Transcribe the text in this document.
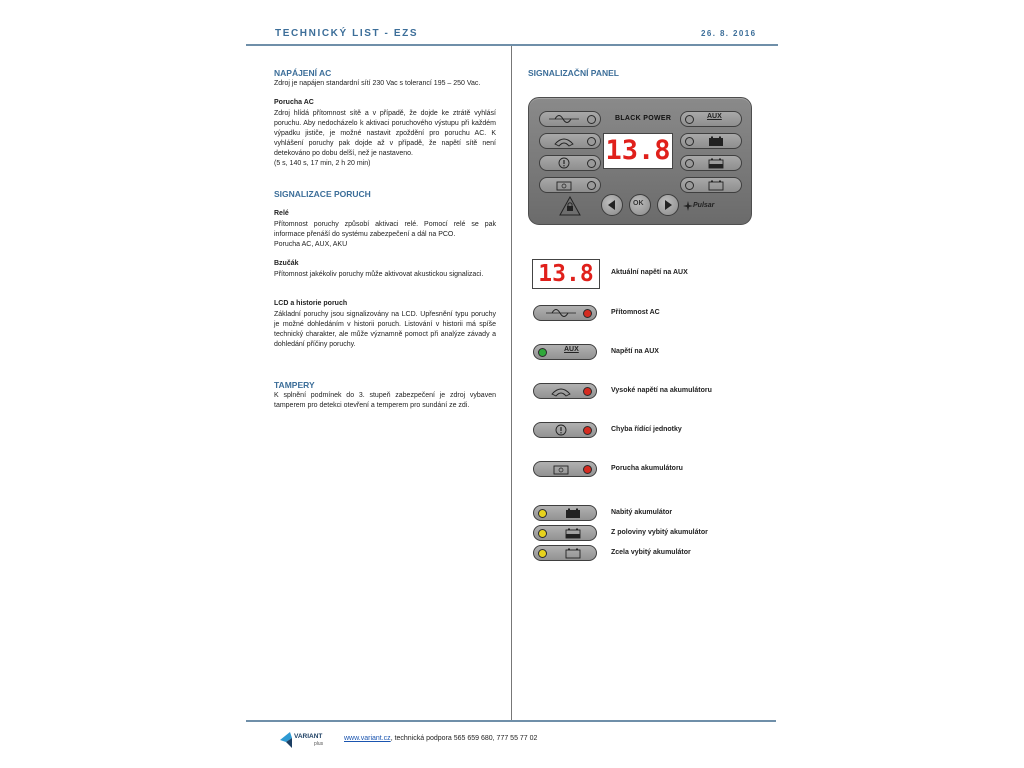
TECHNICKÝ LIST - EZS	26. 8. 2016
NAPÁJENÍ AC
Zdroj je napájen standardní sítí 230 Vac s tolerancí 195 – 250 Vac.
Porucha AC
Zdroj hlídá přítomnost sítě a v případě, že dojde ke ztrátě vyhlásí poruchu. Aby nedocházelo k aktivaci poruchového výstupu při každém výpadku jističe, je možné nastavit zpoždění pro poruchu AC. K vyhlášení poruchy pak dojde až v případě, že napětí sítě není detekováno po dobu delší, než je nastaveno.
(5 s, 140 s, 17 min, 2 h 20 min)
SIGNALIZACE PORUCH
Relé
Přítomnost poruchy způsobí aktivaci relé. Pomocí relé se pak informace přenáší do systému zabezpečení a dál na PCO.
Porucha AC, AUX, AKU
Bzučák
Přítomnost jakékoliv poruchy může aktivovat akustickou signalizaci.
LCD a historie poruch
Základní poruchy jsou signalizovány na LCD. Upřesnění typu poruchy je možné dohledáním v historii poruch. Listování v historii má spíše technický charakter, ale může významně pomoct při analýze závady a dohledání příčiny poruchy.
TAMPERY
K splnění podmínek do 3. stupeň zabezpečení je zdroj vybaven tamperem pro detekci otevření a temperem pro sundání ze zdi.
SIGNALIZAČNÍ PANEL
BLACK POWER
13.8
AUX
OK	Pulsar
13.8	Aktuální napětí na AUX
Přítomnost AC
AUX	Napětí na AUX
Vysoké napětí na akumulátoru
Chyba řídící jednotky
Porucha akumulátoru
Nabitý akumulátor
Z poloviny vybitý akumulátor
Zcela vybitý akumulátor
VARIANT
plus
www.variant.cz, technická podpora 565 659 680, 777 55 77 02
